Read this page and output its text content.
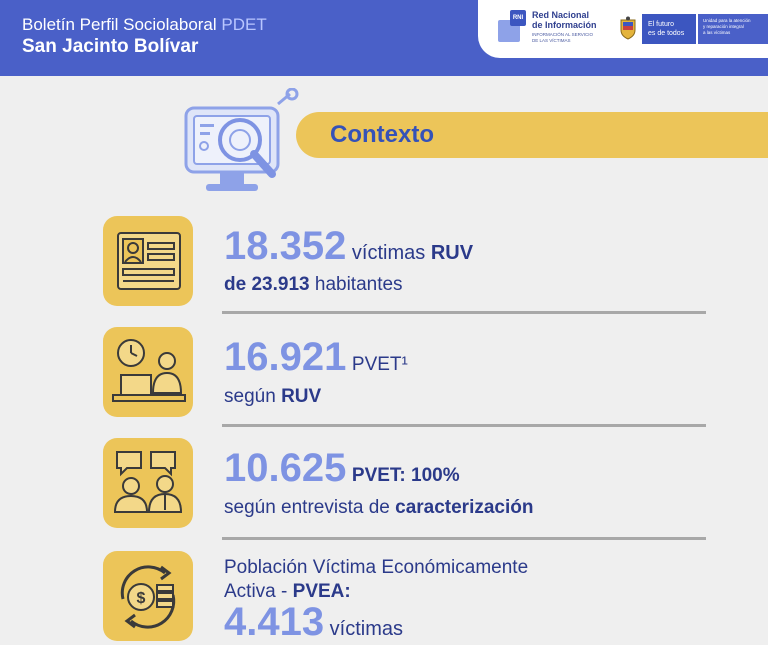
Boletín Perfil Sociolaboral PDET
San Jacinto Bolívar
RNI Red Nacional
de Información
INFORMACIÓN AL SERVICIO
DE LAS VÍCTIMAS
El futuro
es de todos
Unidad para la atención
y reparación integral
a las víctimas
Contexto
18.352 víctimas RUV
de 23.913 habitantes
16.921 PVET¹
según RUV
10.625 PVET: 100%
según entrevista de caracterización
$
Población Víctima Económicamente
Activa - PVEA:
4.413 víctimas
